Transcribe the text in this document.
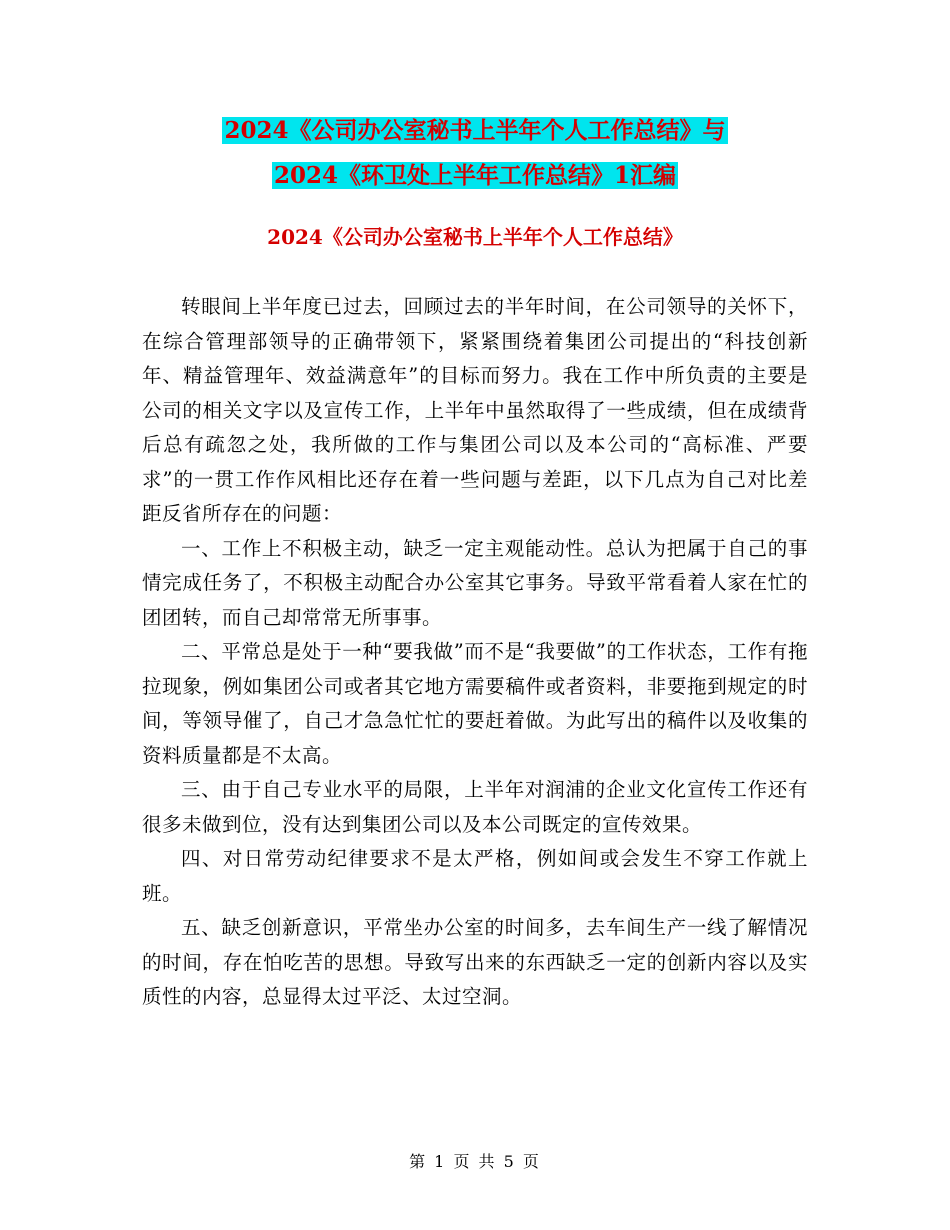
2024《公司办公室秘书上半年个人工作总结》与
2024《环卫处上半年工作总结》1汇编
2024《公司办公室秘书上半年个人工作总结》

转眼间上半年度已过去，回顾过去的半年时间，在公司领导的关怀下，在综合管理部领导的正确带领下，紧紧围绕着集团公司提出的“科技创新年、精益管理年、效益满意年”的目标而努力。我在工作中所负责的主要是公司的相关文字以及宣传工作，上半年中虽然取得了一些成绩，但在成绩背后总有疏忽之处，我所做的工作与集团公司以及本公司的“高标准、严要求”的一贯工作作风相比还存在着一些问题与差距，以下几点为自己对比差距反省所存在的问题：

一、工作上不积极主动，缺乏一定主观能动性。总认为把属于自己的事情完成任务了，不积极主动配合办公室其它事务。导致平常看着人家在忙的团团转，而自己却常常无所事事。

二、平常总是处于一种“要我做”而不是“我要做”的工作状态，工作有拖拉现象，例如集团公司或者其它地方需要稿件或者资料，非要拖到规定的时间，等领导催了，自己才急急忙忙的要赶着做。为此写出的稿件以及收集的资料质量都是不太高。

三、由于自己专业水平的局限，上半年对润浦的企业文化宣传工作还有很多未做到位，没有达到集团公司以及本公司既定的宣传效果。

四、对日常劳动纪律要求不是太严格，例如间或会发生不穿工作就上班。

五、缺乏创新意识，平常坐办公室的时间多，去车间生产一线了解情况的时间，存在怕吃苦的思想。导致写出来的东西缺乏一定的创新内容以及实质性的内容，总显得太过平泛、太过空洞。

第 1 页 共 5 页
